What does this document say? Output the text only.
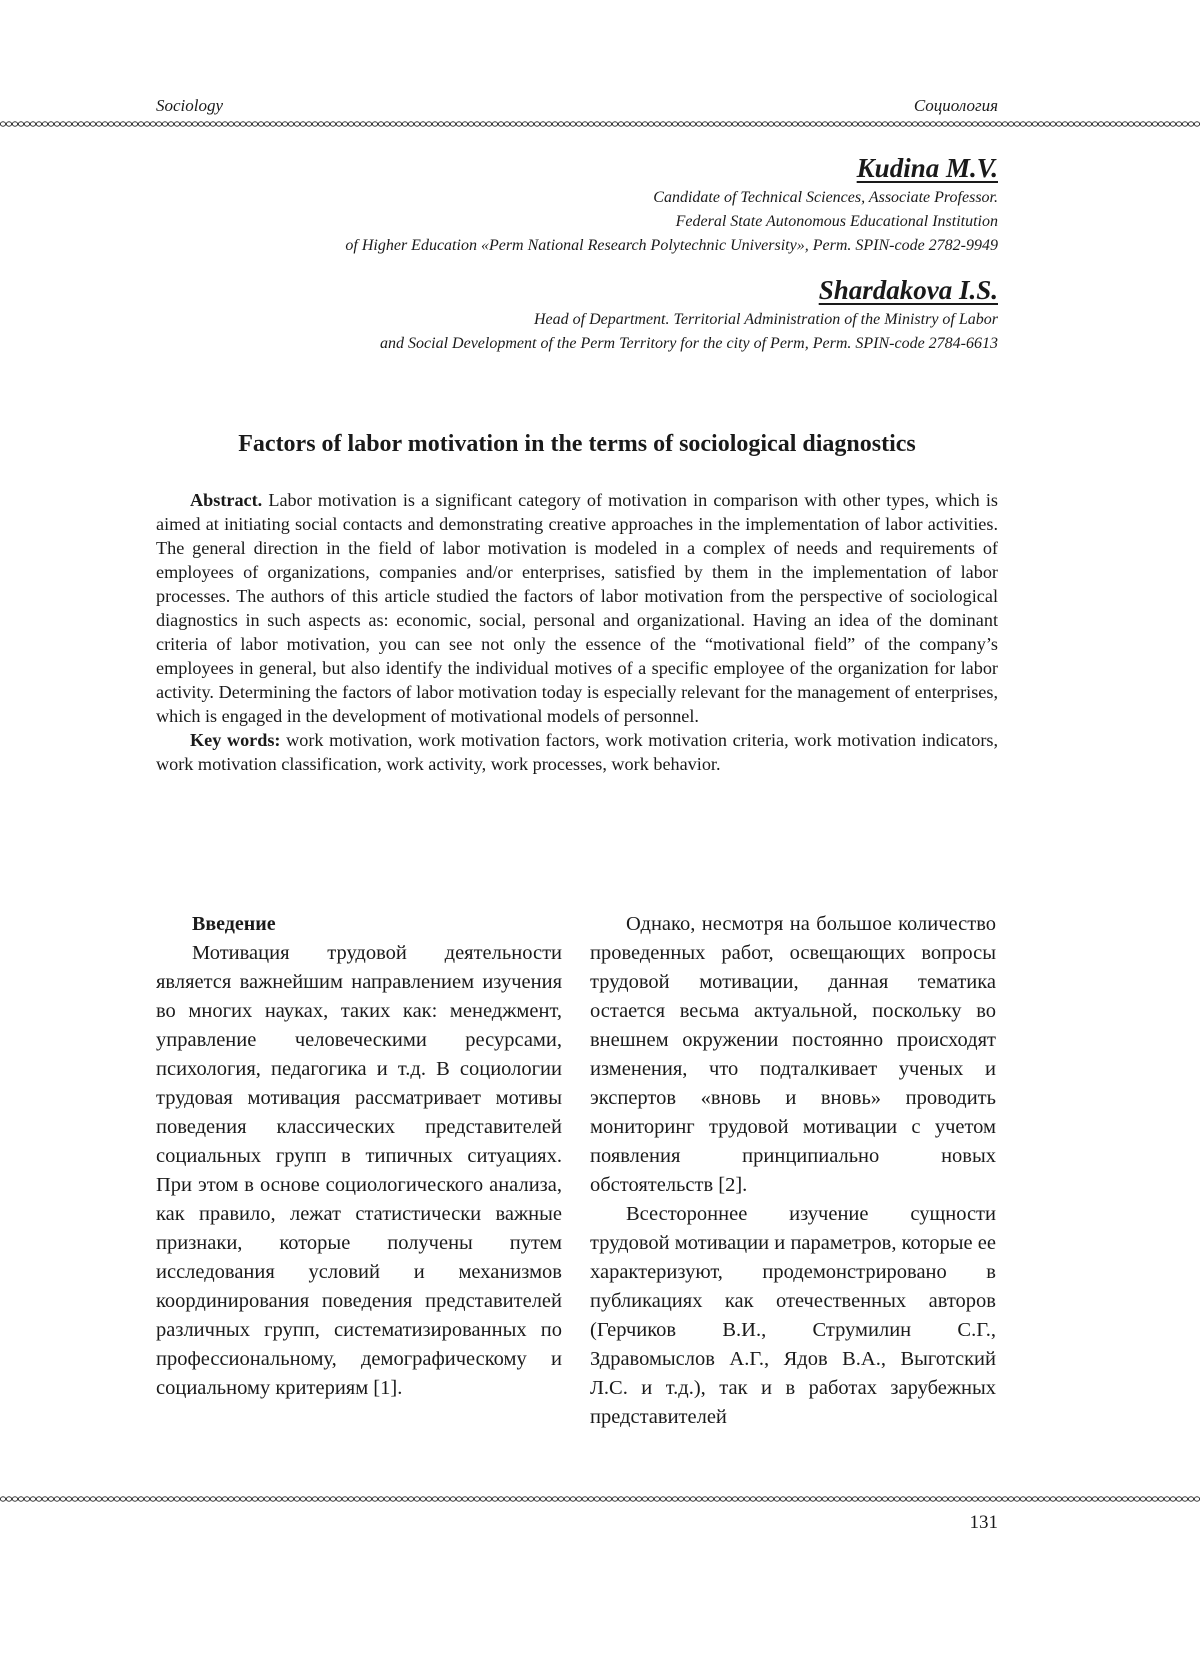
Sociology	Социология

Kudina M.V.

Candidate of Technical Sciences, Associate Professor.

Federal State Autonomous Educational Institution

of Higher Education «Perm National Research Polytechnic University», Perm. SPIN-code 2782-9949

Shardakova I.S.

Head of Department. Territorial Administration of the Ministry of Labor

and Social Development of the Perm Territory for the city of Perm, Perm. SPIN-code 2784-6613

Factors of labor motivation in the terms of sociological diagnostics

Abstract. Labor motivation is a significant category of motivation in comparison with other types, which is aimed at initiating social contacts and demonstrating creative approaches in the implementation of labor activities. The general direction in the field of labor motivation is modeled in a complex of needs and requirements of employees of organizations, companies and/or enterprises, satisfied by them in the implementation of labor processes. The authors of this article studied the factors of labor motivation from the perspective of sociological diagnostics in such aspects as: economic, social, personal and organizational. Having an idea of the dominant criteria of labor motivation, you can see not only the essence of the “motivational field” of the company’s employees in general, but also identify the individual motives of a specific employee of the organization for labor activity. Determining the factors of labor motivation today is especially relevant for the management of enterprises, which is engaged in the development of motivational models of personnel.

Key words: work motivation, work motivation factors, work motivation criteria, work motivation indicators, work motivation classification, work activity, work processes, work behavior.

Введение

Мотивация трудовой деятельности является важнейшим направлением изучения во многих науках, таких как: менеджмент, управление человеческими ресурсами, психология, педагогика и т.д. В социологии трудовая мотивация рассматривает мотивы поведения классических представителей социальных групп в типичных ситуациях. При этом в основе социологического анализа, как правило, лежат статистически важные признаки, которые получены путем исследования условий и механизмов координирования поведения представителей различных групп, систематизированных по профессиональному, демографическому и социальному критериям [1].

Однако, несмотря на большое количество проведенных работ, освещающих вопросы трудовой мотивации, данная тематика остается весьма актуальной, поскольку во внешнем окружении постоянно происходят изменения, что подталкивает ученых и экспертов «вновь и вновь» проводить мониторинг трудовой мотивации с учетом появления принципиально новых обстоятельств [2].

Всестороннее изучение сущности трудовой мотивации и параметров, которые ее характеризуют, продемонстрировано в публикациях как отечественных авторов (Герчиков В.И., Струмилин С.Г., Здравомыслов А.Г., Ядов В.А., Выготский Л.С. и т.д.), так и в работах зарубежных представителей

131
